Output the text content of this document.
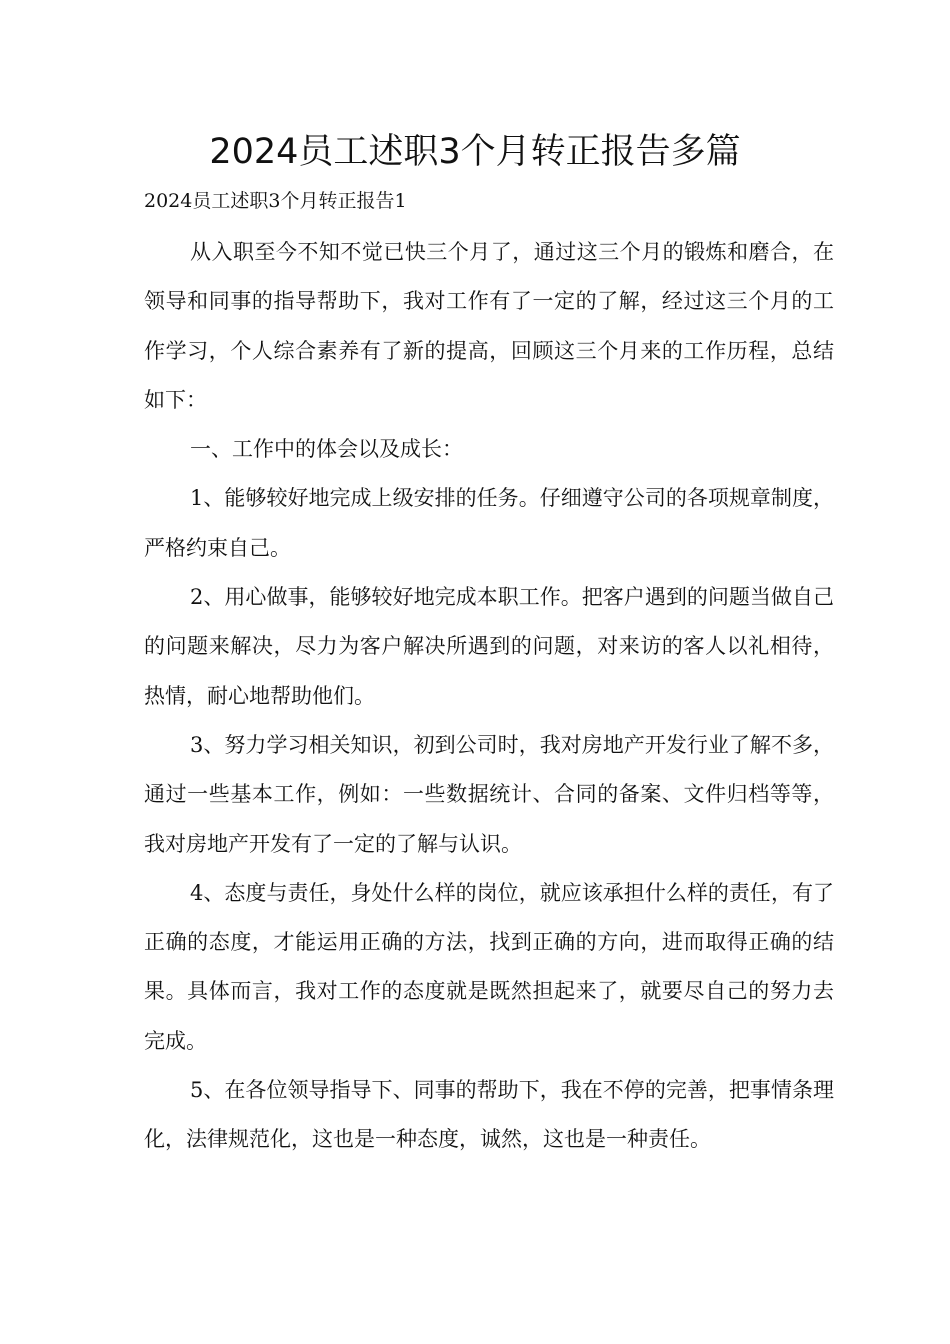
2024员工述职3个月转正报告多篇

2024员工述职3个月转正报告1

从入职至今不知不觉已快三个月了，通过这三个月的锻炼和磨合，在领导和同事的指导帮助下，我对工作有了一定的了解，经过这三个月的工作学习，个人综合素养有了新的提高，回顾这三个月来的工作历程，总结如下：

一、工作中的体会以及成长：

1、能够较好地完成上级安排的任务。仔细遵守公司的各项规章制度，严格约束自己。

2、用心做事，能够较好地完成本职工作。把客户遇到的问题当做自己的问题来解决，尽力为客户解决所遇到的问题，对来访的客人以礼相待，热情，耐心地帮助他们。

3、努力学习相关知识，初到公司时，我对房地产开发行业了解不多，通过一些基本工作，例如：一些数据统计、合同的备案、文件归档等等，我对房地产开发有了一定的了解与认识。

4、态度与责任，身处什么样的岗位，就应该承担什么样的责任，有了正确的态度，才能运用正确的方法，找到正确的方向，进而取得正确的结果。具体而言，我对工作的态度就是既然担起来了，就要尽自己的努力去完成。

5、在各位领导指导下、同事的帮助下，我在不停的完善，把事情条理化，法律规范化，这也是一种态度，诚然，这也是一种责任。
